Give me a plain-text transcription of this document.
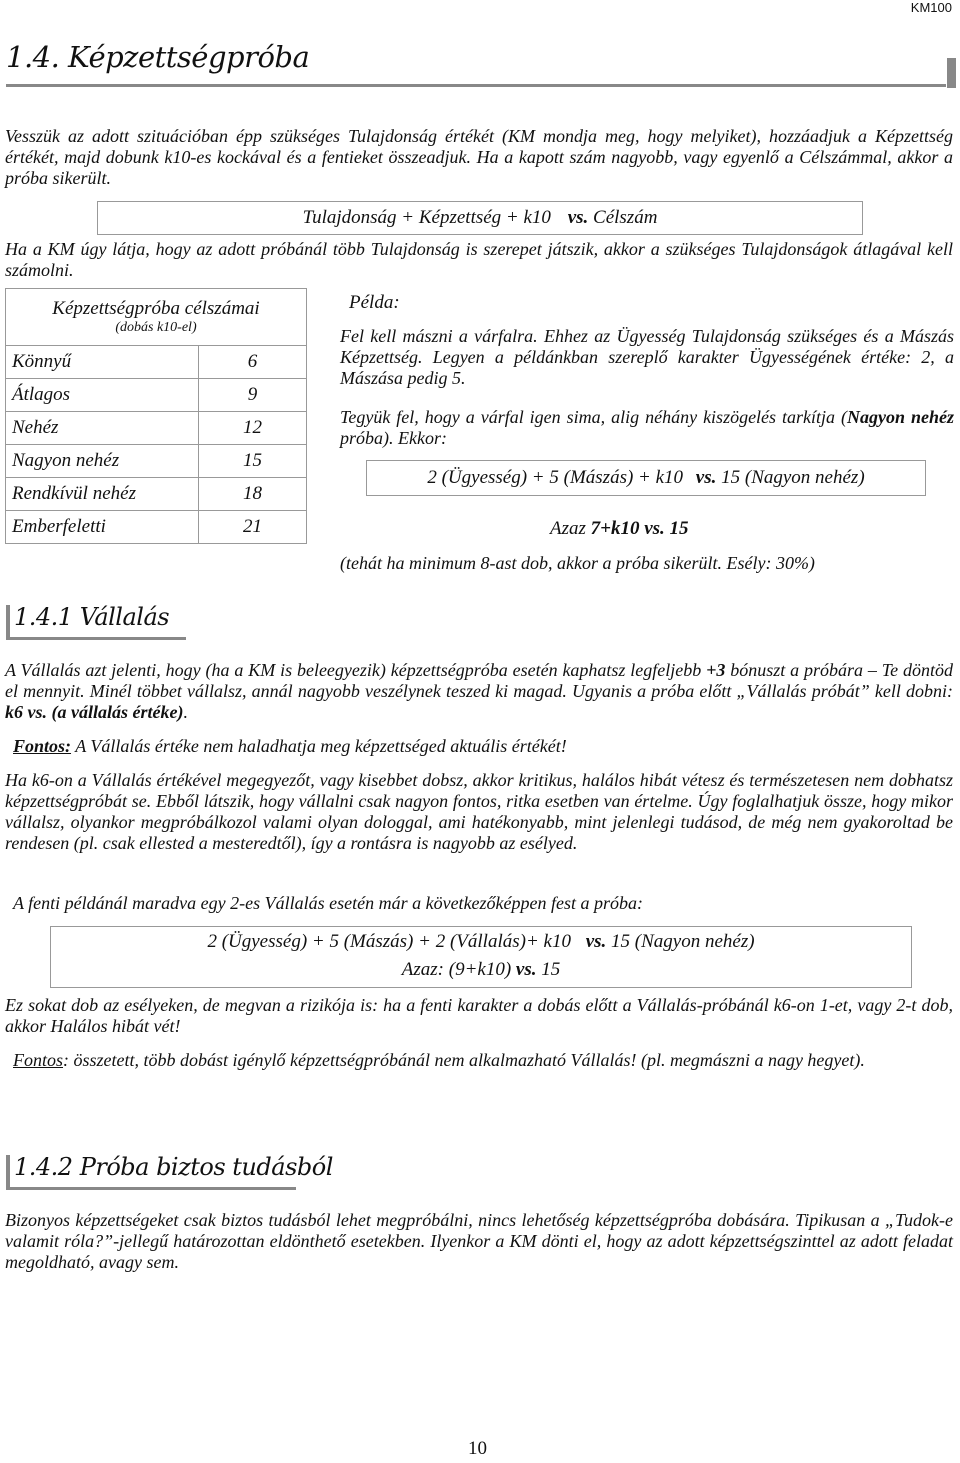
KM100
1.4. Képzettségpróba
Vesszük az adott szituációban épp szükséges Tulajdonság értékét (KM mondja meg, hogy melyiket), hozzáadjuk a Képzettség értékét, majd dobunk k10-es kockával és a fentieket összeadjuk. Ha a kapott szám nagyobb, vagy egyenlő a Célszámmal, akkor a próba sikerült.
Tulajdonság + Képzettség + k10 vs. Célszám
Ha a KM úgy látja, hogy az adott próbánál több Tulajdonság is szerepet játszik, akkor a szükséges Tulajdonságok átlagával kell számolni.
Képzettségpróba célszámai
(dobás k10-el)	

Könnyű	6
Átlagos	9
Nehéz	12
Nagyon nehéz	15
Rendkívül nehéz	18
Emberfeletti	21
Példa:
Fel kell mászni a várfalra. Ehhez az Ügyesség Tulajdonság szükséges és a Mászás Képzettség. Legyen a példánkban szereplő karakter Ügyességének értéke: 2, a Mászása pedig 5.
Tegyük fel, hogy a várfal igen sima, alig néhány kiszögelés tarkítja (Nagyon nehéz próba). Ekkor:
2 (Ügyesség) + 5 (Mászás) + k10 vs. 15 (Nagyon nehéz)
Azaz 7+k10 vs. 15
(tehát ha minimum 8-ast dob, akkor a próba sikerült. Esély: 30%)
1.4.1 Vállalás
A Vállalás azt jelenti, hogy (ha a KM is beleegyezik) képzettségpróba esetén kaphatsz legfeljebb +3 bónuszt a próbára – Te döntöd el mennyit. Minél többet vállalsz, annál nagyobb veszélynek teszed ki magad. Ugyanis a próba előtt „Vállalás próbát” kell dobni: k6 vs. (a vállalás értéke).
Fontos: A Vállalás értéke nem haladhatja meg képzettséged aktuális értékét!
Ha k6-on a Vállalás értékével megegyezőt, vagy kisebbet dobsz, akkor kritikus, halálos hibát vétesz és természetesen nem dobhatsz képzettségpróbát se. Ebből látszik, hogy vállalni csak nagyon fontos, ritka esetben van értelme. Úgy foglalhatjuk össze, hogy mikor vállalsz, olyankor megpróbálkozol valami olyan dologgal, ami hatékonyabb, mint jelenlegi tudásod, de még nem gyakoroltad be rendesen (pl. csak ellested a mesteredtől), így a rontásra is nagyobb az esélyed.
A fenti példánál maradva egy 2-es Vállalás esetén már a következőképpen fest a próba:
2 (Ügyesség) + 5 (Mászás) + 2 (Vállalás)+ k10 vs. 15 (Nagyon nehéz)
Azaz: (9+k10) vs. 15
Ez sokat dob az esélyeken, de megvan a rizikója is: ha a fenti karakter a dobás előtt a Vállalás-próbánál k6-on 1-et, vagy 2-t dob, akkor Halálos hibát vét!
Fontos: összetett, több dobást igénylő képzettségpróbánál nem alkalmazható Vállalás! (pl. megmászni a nagy hegyet).
1.4.2 Próba biztos tudásból
Bizonyos képzettségeket csak biztos tudásból lehet megpróbálni, nincs lehetőség képzettségpróba dobására. Tipikusan a „Tudok-e valamit róla?”-jellegű határozottan eldönthető esetekben. Ilyenkor a KM dönti el, hogy az adott képzettségszinttel az adott feladat megoldható, avagy sem.
10
